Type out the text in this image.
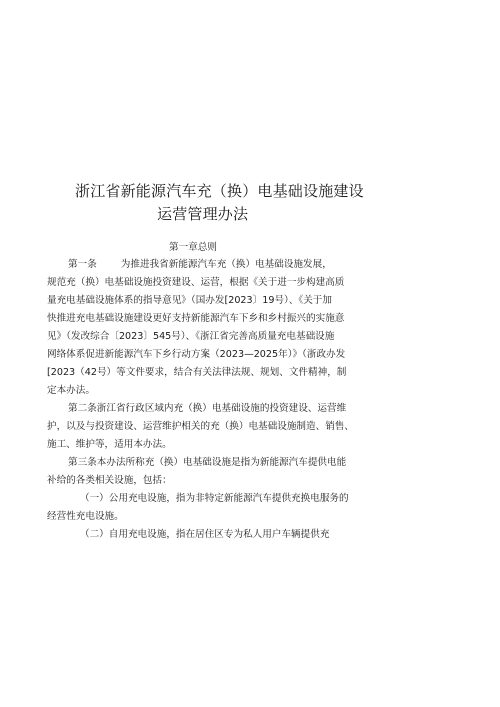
浙江省新能源汽车充（换）电基础设施建设
运营管理办法
第一章总则
第一条	为推进我省新能源汽车充（换）电基础设施发展，
规范充（换）电基础设施投资建设、运营，根据《关于进一步构建高质
量充电基础设施体系的指导意见》（国办发[2023〕19号）、《关于加
快推进充电基础设施建设更好支持新能源汽车下乡和乡村振兴的实施意
见》（发改综合〔2023〕545号）、《浙江省完善高质量充电基础设施
网络体系促进新能源汽车下乡行动方案（2023—2025年）》（浙政办发
[2023（42号）等文件要求，结合有关法律法规、规划、文件精神，制
定本办法。
第二条浙江省行政区域内充（换）电基础设施的投资建设、运营维
护，以及与投资建设、运营维护相关的充（换）电基础设施制造、销售、
施工、维护等，适用本办法。
第三条本办法所称充（换）电基础设施是指为新能源汽车提供电能
补给的各类相关设施，包括：
（一）公用充电设施，指为非特定新能源汽车提供充换电服务的
经营性充电设施。
（二）自用充电设施，指在居住区专为私人用户车辆提供充
